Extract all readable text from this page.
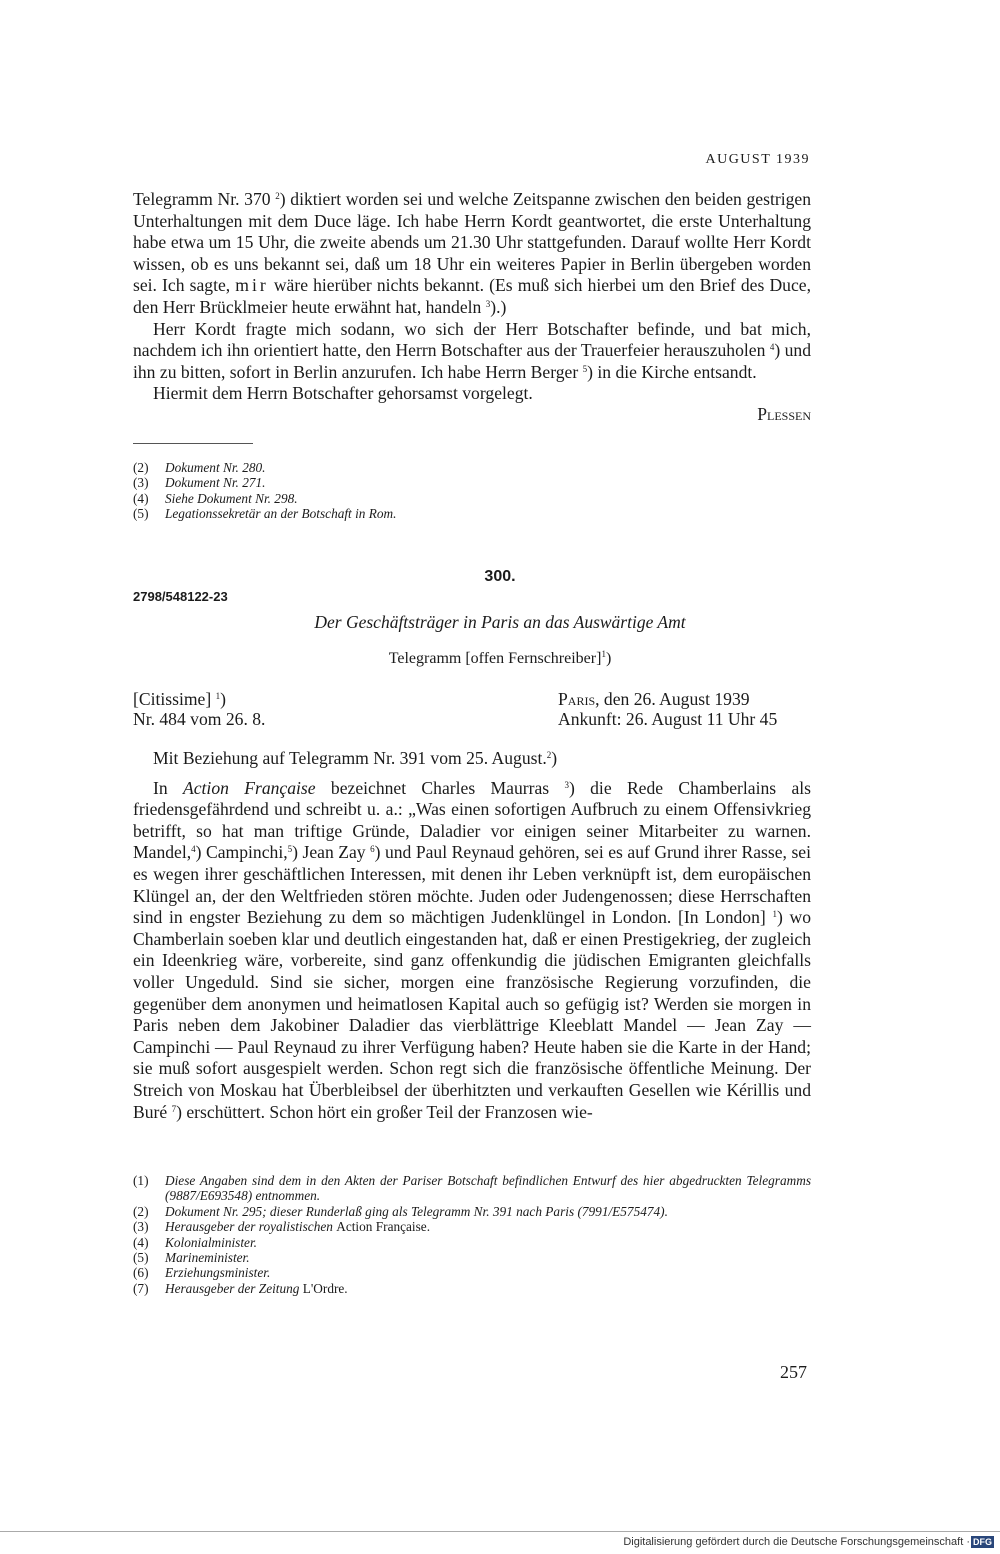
AUGUST 1939

Telegramm Nr. 370 $^2$) diktiert worden sei und welche Zeitspanne zwischen den beiden gestrigen Unterhaltungen mit dem Duce läge. Ich habe Herrn Kordt geantwortet, die erste Unterhaltung habe etwa um 15 Uhr, die zweite abends um 21.30 Uhr stattgefunden. Darauf wollte Herr Kordt wissen, ob es uns bekannt sei, daß um 18 Uhr ein weiteres Papier in Berlin übergeben worden sei. Ich sagte, mir wäre hierüber nichts bekannt. (Es muß sich hierbei um den Brief des Duce, den Herr Brücklmeier heute erwähnt hat, handeln $^3$).)

Herr Kordt fragte mich sodann, wo sich der Herr Botschafter befinde, und bat mich, nachdem ich ihn orientiert hatte, den Herrn Botschafter aus der Trauerfeier herauszuholen $^4$) und ihn zu bitten, sofort in Berlin anzurufen. Ich habe Herrn Berger $^5$) in die Kirche entsandt.

Hiermit dem Herrn Botschafter gehorsamst vorgelegt.

Plessen

(2)	Dokument Nr. 280.
(3)	Dokument Nr. 271.
(4)	Siehe Dokument Nr. 298.
(5)	Legationssekretär an der Botschaft in Rom.
300.
2798/548122-23
Der Geschäftsträger in Paris an das Auswärtige Amt
Telegramm [offen Fernschreiber]$^1$)
[Citissime] $^1$)	Paris, den 26. August 1939
Nr. 484 vom 26. 8.	Ankunft: 26. August 11 Uhr 45

Mit Beziehung auf Telegramm Nr. 391 vom 25. August.$^2$)

In Action Française bezeichnet Charles Maurras $^3$) die Rede Chamberlains als friedensgefährdend und schreibt u. a.: „Was einen sofortigen Aufbruch zu einem Offensivkrieg betrifft, so hat man triftige Gründe, Daladier vor einigen seiner Mitarbeiter zu warnen. Mandel,$^4$) Campinchi,$^5$) Jean Zay $^6$) und Paul Reynaud gehören, sei es auf Grund ihrer Rasse, sei es wegen ihrer geschäftlichen Interessen, mit denen ihr Leben verknüpft ist, dem europäischen Klüngel an, der den Weltfrieden stören möchte. Juden oder Judengenossen; diese Herrschaften sind in engster Beziehung zu dem so mächtigen Judenklüngel in London. [In London] $^1$) wo Chamberlain soeben klar und deutlich eingestanden hat, daß er einen Prestigekrieg, der zugleich ein Ideenkrieg wäre, vorbereite, sind ganz offenkundig die jüdischen Emigranten gleichfalls voller Ungeduld. Sind sie sicher, morgen eine französische Regierung vorzufinden, die gegenüber dem anonymen und heimatlosen Kapital auch so gefügig ist? Werden sie morgen in Paris neben dem Jakobiner Daladier das vierblättrige Kleeblatt Mandel — Jean Zay — Campinchi — Paul Reynaud zu ihrer Verfügung haben? Heute haben sie die Karte in der Hand; sie muß sofort ausgespielt werden. Schon regt sich die französische öffentliche Meinung. Der Streich von Moskau hat Überbleibsel der überhitzten und verkauften Gesellen wie Kérillis und Buré $^7$) erschüttert. Schon hört ein großer Teil der Franzosen wie-

(1)	Diese Angaben sind dem in den Akten der Pariser Botschaft befindlichen Entwurf des hier abgedruckten Telegramms (9887/E693548) entnommen.
(2)	Dokument Nr. 295; dieser Runderlaß ging als Telegramm Nr. 391 nach Paris (7991/E575474).
(3)	Herausgeber der royalistischen Action Française.
(4)	Kolonialminister.
(5)	Marineminister.
(6)	Erziehungsminister.
(7)	Herausgeber der Zeitung L'Ordre.
257
Digitalisierung gefördert durch die Deutsche Forschungsgemeinschaft · DFG
